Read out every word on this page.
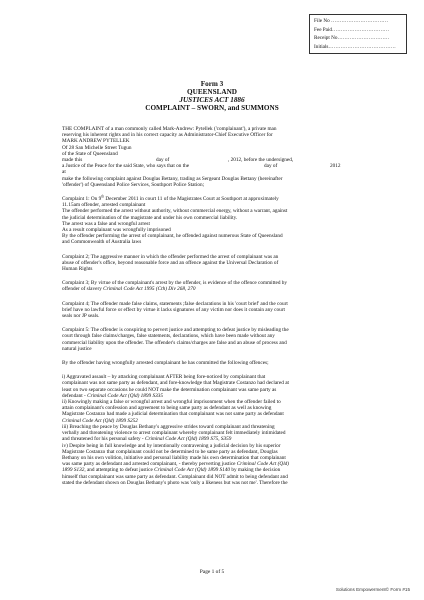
File No ……………………………
Fee Paid……………………………
Receipt No…………………………
Initials…………………………………
Form 3
QUEENSLAND
JUSTICES ACT 1886
COMPLAINT – SWORN, and SUMMONS
THE COMPLAINT of a man commonly called Mark-Andrew: Pytellek ('complainant'), a private man
reserving his inherent rights and in his correct capacity as Administrator-Chief Executive Officer for
MARK ANDREW PYTELLEK
Of 28 San Michelle Street Tugun
of the State of Queensland
made this	day of	, 2012, before the undersigned,
a Justice of the Peace for the said State, who says that on the	day of	2012
at
make the following complaint against Douglas Bettany, trading as Sergeant Douglas Bettany (hereinafter
'offender') of Queensland Police Services, Southport Police Station;
Complaint 1: On 9th December 2011 in court 11 of the Magistrates Court at Southport at approximately
11.15am offender, arrested complainant
The offender performed the arrest without authority, without commercial energy, without a warrant, against
the judicial determination of the magistrate and under his own commercial liability.
The arrest was a false and wrongful arrest
As a result complainant was wrongfully imprisoned
By the offender performing the arrest of complainant, he offended against numerous State of Queensland
and Commonwealth of Australia laws
Complaint 2; The aggressive manner in which the offender performed the arrest of complainant was an
abuse of offender's office, beyond reasonable force and an offence against the Universal Declaration of
Human Rights
Complaint 3; By virtue of the complainant's arrest by the offender, is evidence of the offence committed by
offender of slavery Criminal Code Act 1995 (Cth) Div 268, 270
Complaint 4; The offender made false claims, statements ;false declarations in his 'court brief' and the court
brief have no lawful force or effect by virtue it lacks signatures of any victim nor does it contain any court
seals nor JP seals.
Complaint 5: The offender is conspiring to pervert justice and attempting to defeat justice by misleading the
court through false claims/charges, false statements, declarations, which have been made without any
commercial liability upon the offender. The offender's claims/charges are false and an abuse of process and
natural justice
By the offender having wrongfully arrested complainant he has committed the following offences;
i) Aggravated assault – by attacking complainant AFTER being fore-noticed by complainant that
complainant was not same party as defendant, and fore-knowledge that Magistrate Costanzo had declared at
least on two separate occasions he could NOT make the determination complainant was same party as
defendant - Criminal Code Act (Qld) 1899 S335
ii) Knowingly making a false or wrongful arrest and wrongful imprisonment when the offender failed to
attain complainant's confession and agreement to being same party as defendant as well as knowing
Magistrate Costanzo had made a judicial determination that complainant was not same party as defendant
Criminal Code Act (Qld) 1899 S252
iii) Breaching the peace by Douglas Bethany's aggressive strides toward complainant and threatening
verbally and threatening violence to arrest complainant whereby complainant felt immediately intimidated
and threatened for his personal safety - Criminal Code Act (Qld) 1899 S75, S359
iv) Despite being in full knowledge and by intentionally contravening a judicial decision by his superior
Magistrate Costanzo that complainant could not be determined to be same party as defendant, Douglas
Bethany on his own volition, initiative and personal liability made his own determination that complainant
was same party as defendant and arrested complainant, - thereby perverting justice Criminal Code Act (Qld)
1899 S132, and attempting to defeat justice Criminal Code Act (Qld) 1899 S140 by making the decision
himself that complainant was same party as defendant. Complainant did NOT admit to being defendant and
stated the defendant shown on Douglas Bethany's photo was 'only a likeness but was not me'. Therefore the
Page 1 of 5
Solutions Empowerment© Form #15
